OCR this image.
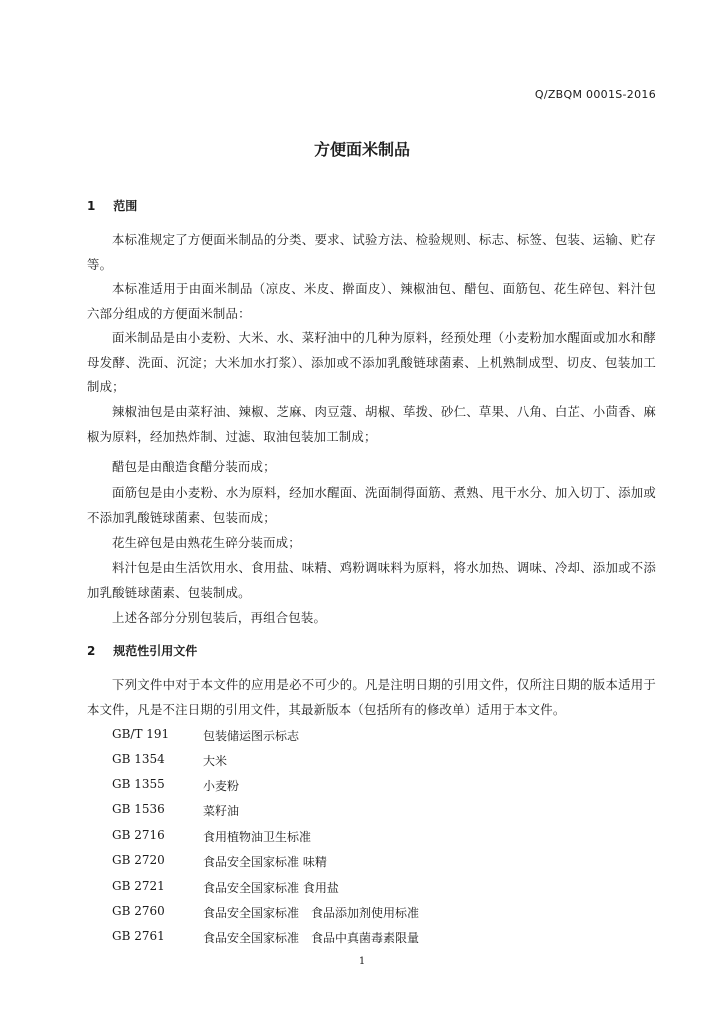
Q/ZBQM 0001S-2016
方便面米制品
1 范围

本标准规定了方便面米制品的分类、要求、试验方法、检验规则、标志、标签、包装、运输、贮存等。

本标准适用于由面米制品（凉皮、米皮、擀面皮）、辣椒油包、醋包、面筋包、花生碎包、料汁包六部分组成的方便面米制品：

面米制品是由小麦粉、大米、水、菜籽油中的几种为原料，经预处理（小麦粉加水醒面或加水和酵母发酵、洗面、沉淀；大米加水打浆）、添加或不添加乳酸链球菌素、上机熟制成型、切皮、包装加工制成；

辣椒油包是由菜籽油、辣椒、芝麻、肉豆蔻、胡椒、荜拨、砂仁、草果、八角、白芷、小茴香、麻椒为原料，经加热炸制、过滤、取油包装加工制成；

醋包是由酿造食醋分装而成；

面筋包是由小麦粉、水为原料，经加水醒面、洗面制得面筋、煮熟、甩干水分、加入切丁、添加或不添加乳酸链球菌素、包装而成；

花生碎包是由熟花生碎分装而成；

料汁包是由生活饮用水、食用盐、味精、鸡粉调味料为原料，将水加热、调味、冷却、添加或不添加乳酸链球菌素、包装制成。

上述各部分分别包装后，再组合包装。

2 规范性引用文件

下列文件中对于本文件的应用是必不可少的。凡是注明日期的引用文件，仅所注日期的版本适用于本文件，凡是不注日期的引用文件，其最新版本（包括所有的修改单）适用于本文件。

GB/T 191	包装储运图示标志
GB 1354	大米
GB 1355	小麦粉
GB 1536	菜籽油
GB 2716	食用植物油卫生标准
GB 2720	食品安全国家标准 味精
GB 2721	食品安全国家标准 食用盐
GB 2760	食品安全国家标准　食品添加剂使用标准
GB 2761	食品安全国家标准　食品中真菌毒素限量
1
